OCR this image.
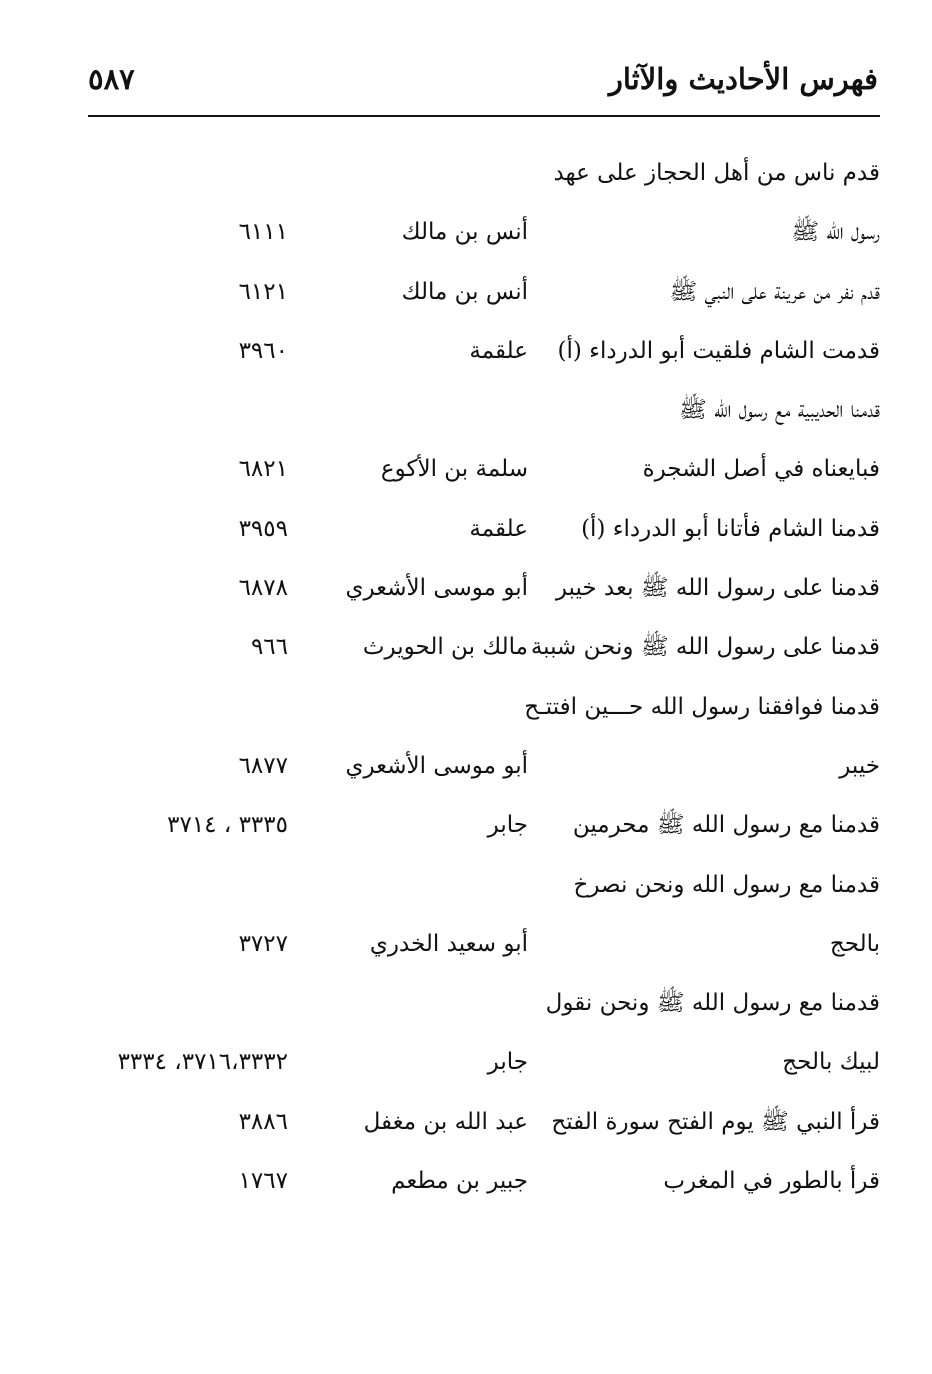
فهرس الأحاديث والآثار
٥٨٧
قدم ناس من أهل الحجاز على عهد
رسول الله ﷺ
أنس بن مالك
٦١١١
قدم نفر من عرينة على النبي ﷺ
أنس بن مالك
٦١٢١
قدمت الشام فلقيت أبو الدرداء (أ)
علقمة
٣٩٦٠
قدمنا الحديبية مع رسول الله ﷺ
فبايعناه في أصل الشجرة
سلمة بن الأكوع
٦٨٢١
قدمنا الشام فأتانا أبو الدرداء (أ)
علقمة
٣٩٥٩
قدمنا على رسول الله ﷺ بعد خيبر
أبو موسى الأشعري
٦٨٧٨
قدمنا على رسول الله ﷺ ونحن شببة
مالك بن الحويرث
٩٦٦
قدمنا فوافقنا رسول الله حـــين افتتـح
خيبر
أبو موسى الأشعري
٦٨٧٧
قدمنا مع رسول الله ﷺ محرمين
جابر
٣٣٣٥ ، ٣٧١٤
قدمنا مع رسول الله ونحن نصرخ
بالحج
أبو سعيد الخدري
٣٧٢٧
قدمنا مع رسول الله ﷺ ونحن نقول
لبيك بالحج
جابر
٣٧١٦،٣٣٣٢، ٣٣٣٤
قرأ النبي ﷺ يوم الفتح سورة الفتح
عبد الله بن مغفل
٣٨٨٦
قرأ بالطور في المغرب
جبير بن مطعم
١٧٦٧
